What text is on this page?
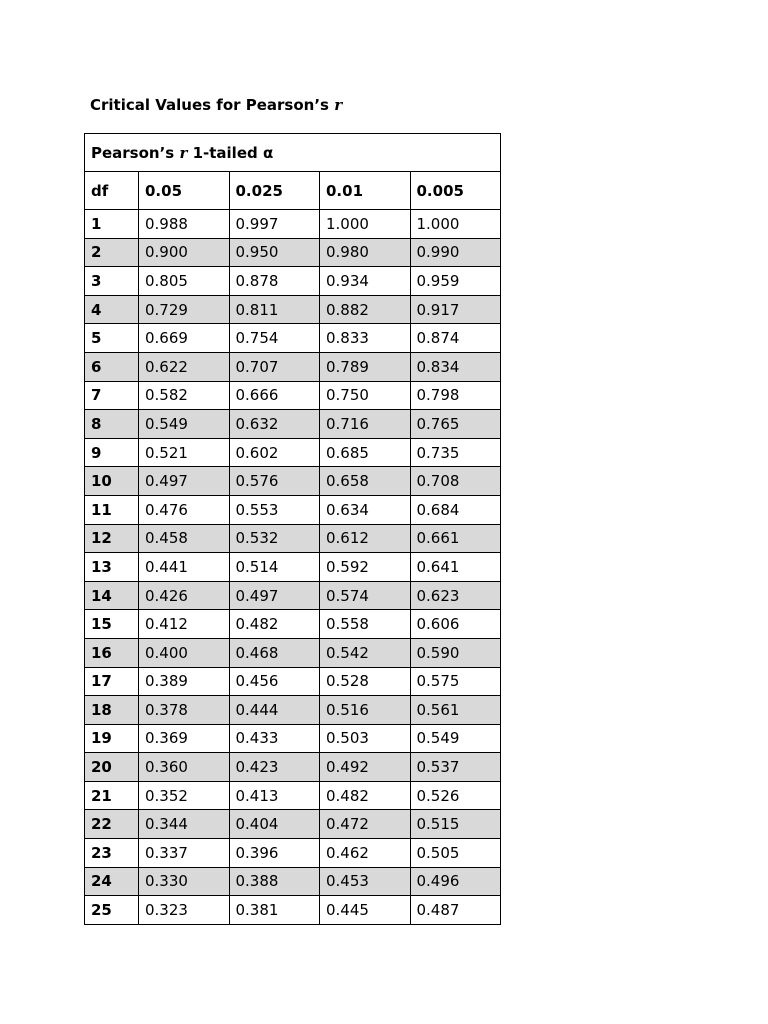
Critical Values for Pearson’s r
Pearson’s r 1-tailed α				
df	0.05	0.025	0.01	0.005
1	0.988	0.997	1.000	1.000
2	0.900	0.950	0.980	0.990
3	0.805	0.878	0.934	0.959
4	0.729	0.811	0.882	0.917
5	0.669	0.754	0.833	0.874
6	0.622	0.707	0.789	0.834
7	0.582	0.666	0.750	0.798
8	0.549	0.632	0.716	0.765
9	0.521	0.602	0.685	0.735
10	0.497	0.576	0.658	0.708
11	0.476	0.553	0.634	0.684
12	0.458	0.532	0.612	0.661
13	0.441	0.514	0.592	0.641
14	0.426	0.497	0.574	0.623
15	0.412	0.482	0.558	0.606
16	0.400	0.468	0.542	0.590
17	0.389	0.456	0.528	0.575
18	0.378	0.444	0.516	0.561
19	0.369	0.433	0.503	0.549
20	0.360	0.423	0.492	0.537
21	0.352	0.413	0.482	0.526
22	0.344	0.404	0.472	0.515
23	0.337	0.396	0.462	0.505
24	0.330	0.388	0.453	0.496
25	0.323	0.381	0.445	0.487
